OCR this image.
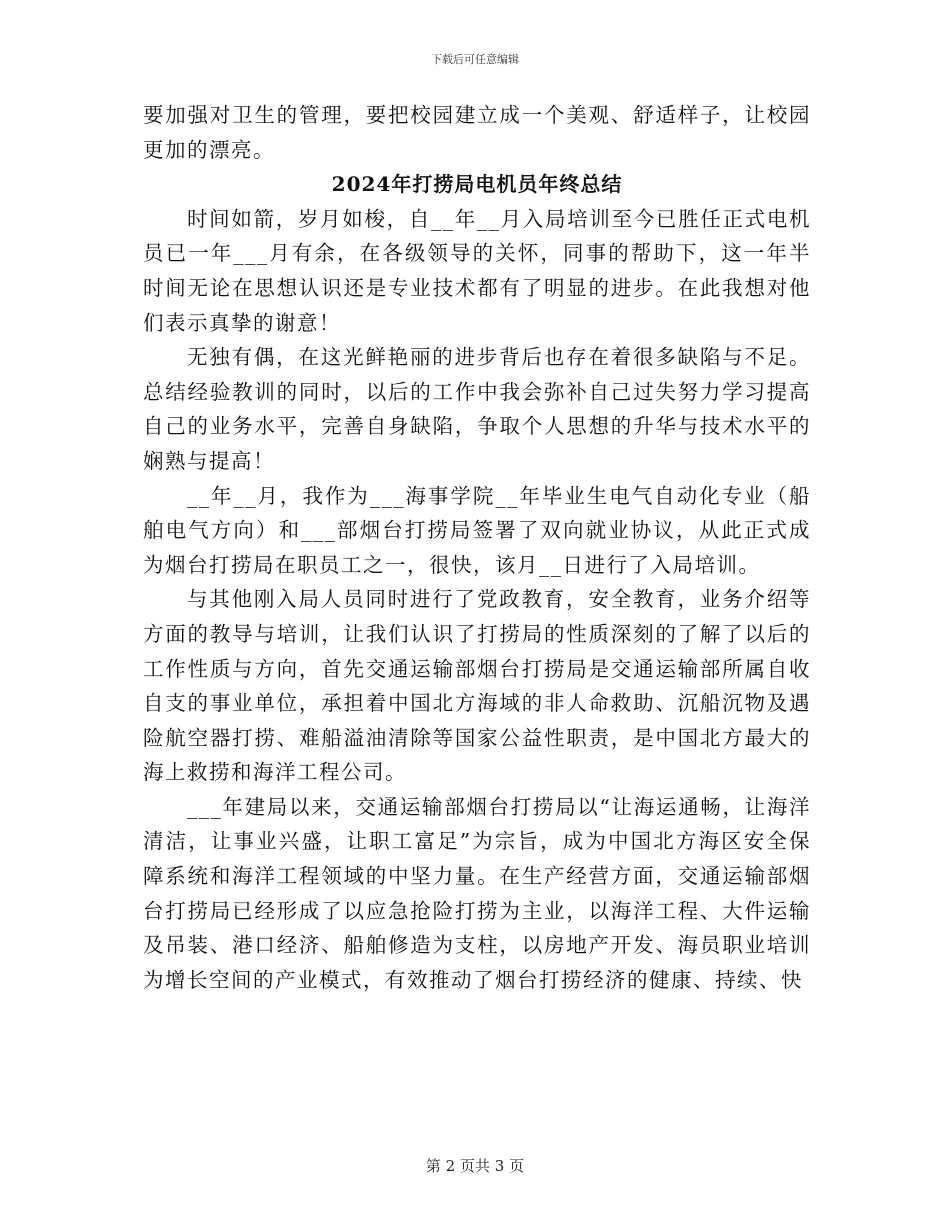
下载后可任意编辑

要加强对卫生的管理，要把校园建立成一个美观、舒适样子，让校园更加的漂亮。

2024年打捞局电机员年终总结

时间如箭，岁月如梭，自__年__月入局培训至今已胜任正式电机员已一年___月有余，在各级领导的关怀，同事的帮助下，这一年半时间无论在思想认识还是专业技术都有了明显的进步。在此我想对他们表示真挚的谢意！

无独有偶，在这光鲜艳丽的进步背后也存在着很多缺陷与不足。总结经验教训的同时，以后的工作中我会弥补自己过失努力学习提高自己的业务水平，完善自身缺陷，争取个人思想的升华与技术水平的娴熟与提高！

__年__月，我作为___海事学院__年毕业生电气自动化专业（船舶电气方向）和___部烟台打捞局签署了双向就业协议，从此正式成为烟台打捞局在职员工之一，很快，该月__日进行了入局培训。

与其他刚入局人员同时进行了党政教育，安全教育，业务介绍等方面的教导与培训，让我们认识了打捞局的性质深刻的了解了以后的工作性质与方向，首先交通运输部烟台打捞局是交通运输部所属自收自支的事业单位，承担着中国北方海域的非人命救助、沉船沉物及遇险航空器打捞、难船溢油清除等国家公益性职责，是中国北方最大的海上救捞和海洋工程公司。

___年建局以来，交通运输部烟台打捞局以“让海运通畅，让海洋清洁，让事业兴盛，让职工富足”为宗旨，成为中国北方海区安全保障系统和海洋工程领域的中坚力量。在生产经营方面，交通运输部烟台打捞局已经形成了以应急抢险打捞为主业，以海洋工程、大件运输及吊装、港口经济、船舶修造为支柱，以房地产开发、海员职业培训为增长空间的产业模式，有效推动了烟台打捞经济的健康、持续、快

第 2 页共 3 页
